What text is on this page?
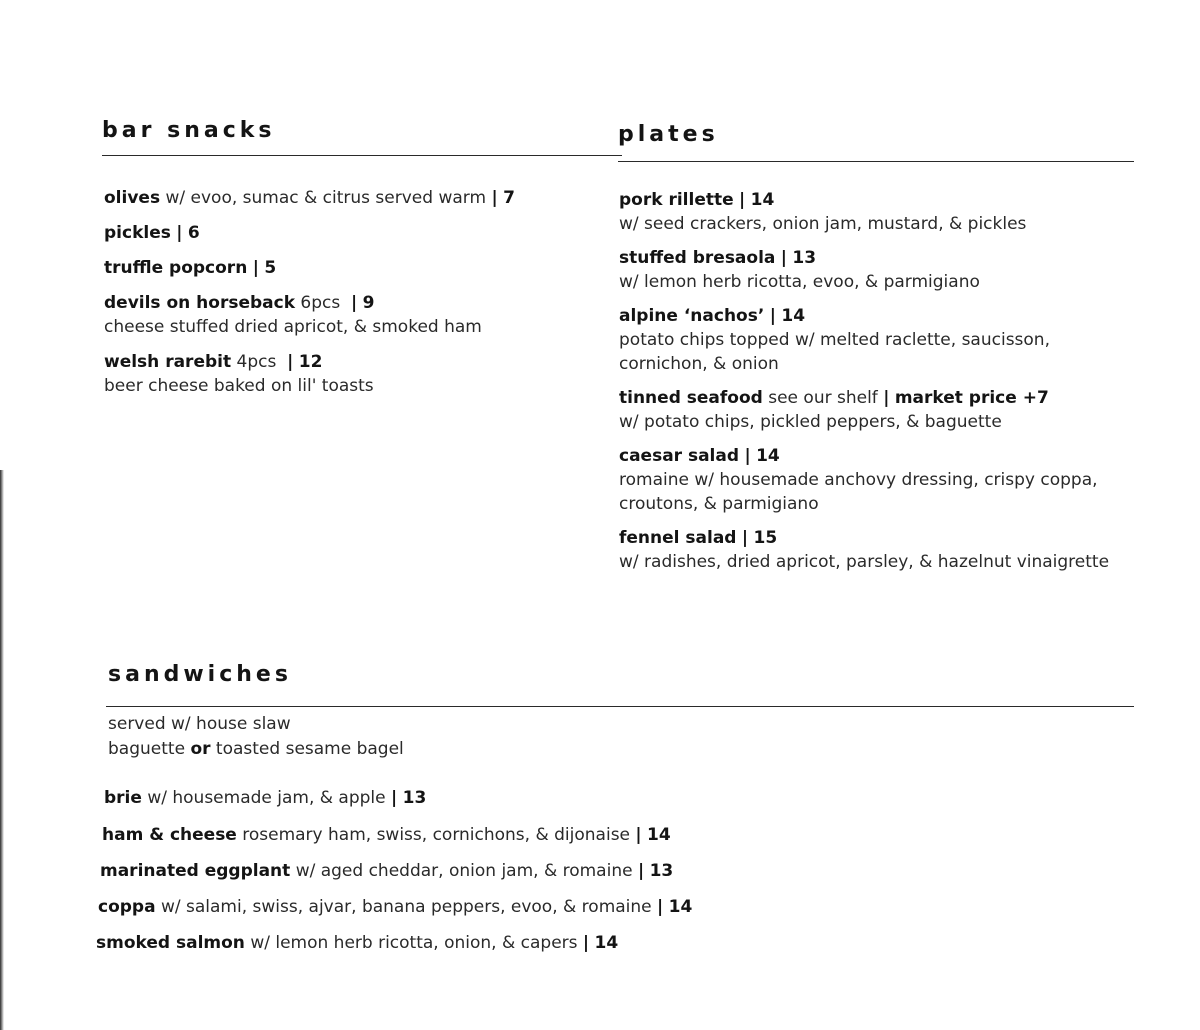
bar snacks
olives w/ evoo, sumac & citrus served warm | 7
pickles | 6
truffle popcorn | 5
devils on horseback 6pcs | 9
cheese stuffed dried apricot, & smoked ham
welsh rarebit 4pcs | 12
beer cheese baked on lil' toasts
plates
pork rillette | 14
w/ seed crackers, onion jam, mustard, & pickles
stuffed bresaola | 13
w/ lemon herb ricotta, evoo, & parmigiano
alpine ‘nachos’ | 14
potato chips topped w/ melted raclette, saucisson, cornichon, & onion
tinned seafood see our shelf | market price +7
w/ potato chips, pickled peppers, & baguette
caesar salad | 14
romaine w/ housemade anchovy dressing, crispy coppa, croutons, & parmigiano
fennel salad | 15
w/ radishes, dried apricot, parsley, & hazelnut vinaigrette
sandwiches
served w/ house slaw
baguette or toasted sesame bagel
brie w/ housemade jam, & apple | 13
ham & cheese rosemary ham, swiss, cornichons, & dijonaise | 14
marinated eggplant w/ aged cheddar, onion jam, & romaine | 13
coppa w/ salami, swiss, ajvar, banana peppers, evoo, & romaine | 14
smoked salmon w/ lemon herb ricotta, onion, & capers | 14
